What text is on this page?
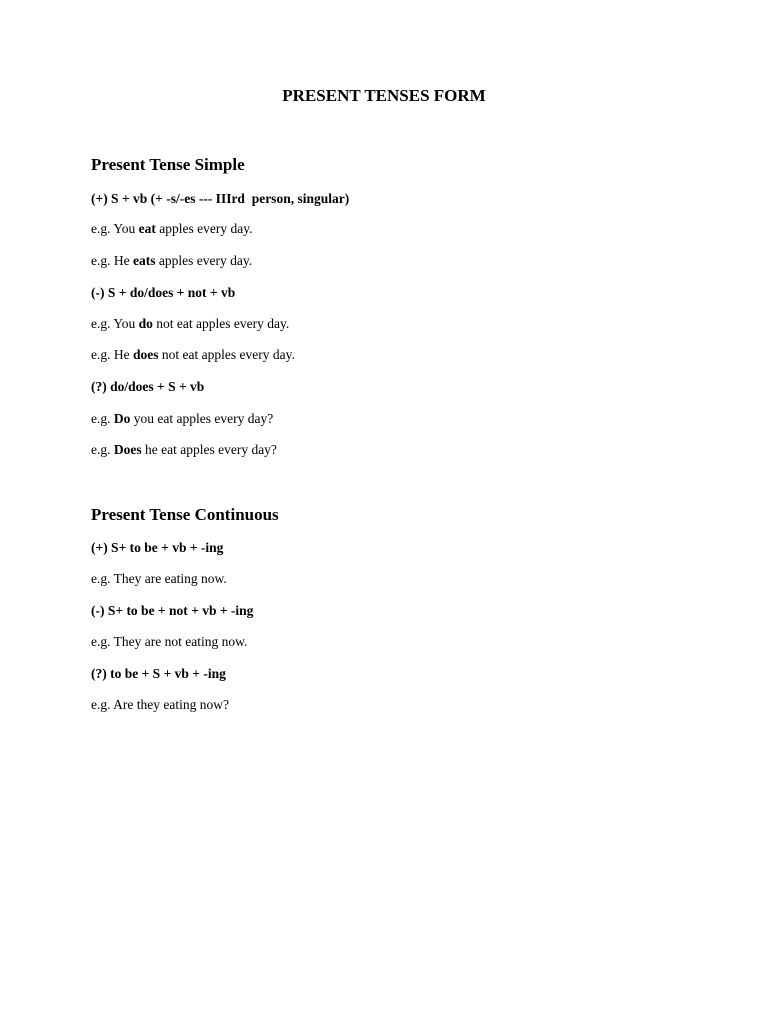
PRESENT TENSES FORM
Present Tense Simple
(+) S + vb (+ -s/-es --- IIIrd  person, singular)
e.g. You eat apples every day.
e.g. He eats apples every day.
(-) S + do/does + not + vb
e.g. You do not eat apples every day.
e.g. He does not eat apples every day.
(?) do/does + S + vb
e.g. Do you eat apples every day?
e.g. Does he eat apples every day?
Present Tense Continuous
(+) S+ to be + vb + -ing
e.g. They are eating now.
(-) S+ to be + not + vb + -ing
e.g. They are not eating now.
(?) to be + S + vb + -ing
e.g. Are they eating now?
